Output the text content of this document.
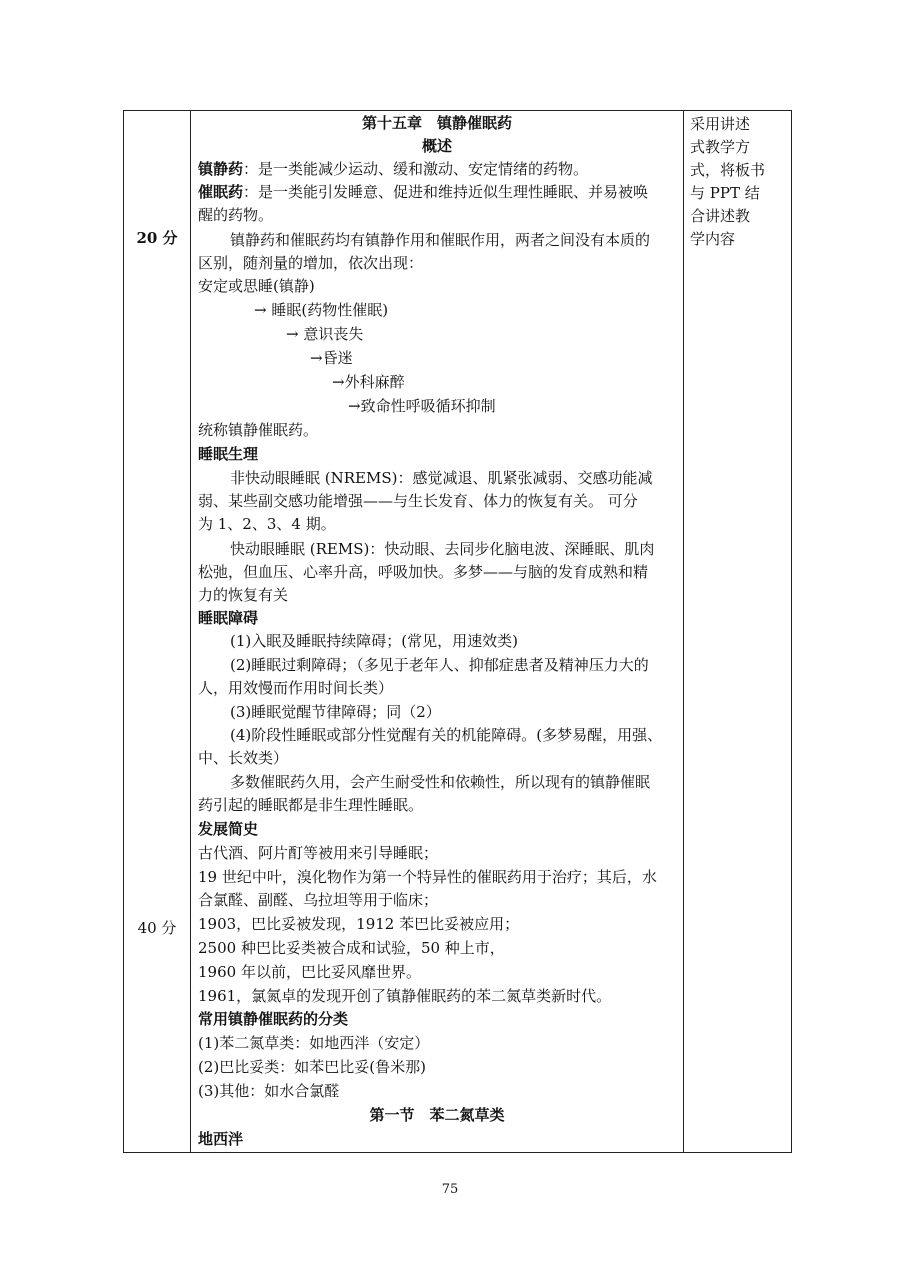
20 分
40 分
采用讲述
式教学方
式，将板书
与 PPT 结
合讲述教
学内容
第十五章　镇静催眠药
概述
镇静药：是一类能减少运动、缓和激动、安定情绪的药物。
催眠药：是一类能引发睡意、促进和维持近似生理性睡眠、并易被唤
醒的药物。
镇静药和催眠药均有镇静作用和催眠作用，两者之间没有本质的
区别，随剂量的增加，依次出现：
安定或思睡(镇静)
→ 睡眠(药物性催眠)
→ 意识丧失
→昏迷
→外科麻醉
→致命性呼吸循环抑制
统称镇静催眠药。
睡眠生理
非快动眼睡眠 (NREMS)：感觉减退、肌紧张减弱、交感功能减
弱、某些副交感功能增强——与生长发育、体力的恢复有关。 可分
为 1、2、3、4 期。
快动眼睡眠 (REMS)：快动眼、去同步化脑电波、深睡眠、肌肉
松弛，但血压、心率升高，呼吸加快。多梦——与脑的发育成熟和精
力的恢复有关
睡眠障碍
(1)入眠及睡眠持续障碍；(常见，用速效类)
(2)睡眠过剩障碍；（多见于老年人、抑郁症患者及精神压力大的
人，用效慢而作用时间长类）
(3)睡眠觉醒节律障碍；同（2）
(4)阶段性睡眠或部分性觉醒有关的机能障碍。(多梦易醒，用强、
中、长效类）
多数催眠药久用，会产生耐受性和依赖性，所以现有的镇静催眠
药引起的睡眠都是非生理性睡眠。
发展简史
古代酒、阿片酊等被用来引导睡眠；
19 世纪中叶，溴化物作为第一个特异性的催眠药用于治疗；其后，水
合氯醛、副醛、乌拉坦等用于临床；
1903，巴比妥被发现，1912 苯巴比妥被应用；
2500 种巴比妥类被合成和试验，50 种上市，
1960 年以前，巴比妥风靡世界。
1961，氯氮卓的发现开创了镇静催眠药的苯二氮草类新时代。
常用镇静催眠药的分类
(1)苯二氮草类：如地西泮（安定）
(2)巴比妥类：如苯巴比妥(鲁米那)
(3)其他：如水合氯醛
第一节　苯二氮草类
地西泮
75
